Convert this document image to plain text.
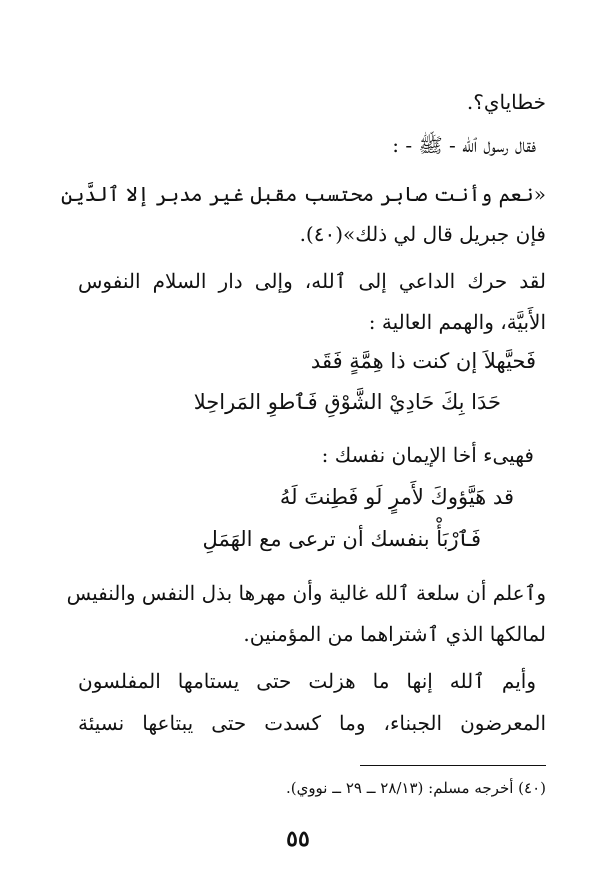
خطاياي؟.
فقال رسول ٱلله - ﷺ - :
«نعم وأنت صابر محتسب مقبل غير مدبر إلا ٱلدَّين
فإن جبريل قال لي ذلك»(٤٠).
لقد حرك الداعي إلى ٱلله، وإلى دار السلام النفوس
الأَبيَّة، والهمم العالية :
فَحيَّهلاَ إن كنت ذا هِمَّةٍ فَقَد
حَدَا بِكَ حَادِيْ الشَّوْقِ فَٱطوِ المَراحِلا
فهيىء أخا الإيمان نفسك :
قد هَيَّؤوكَ لأَمرٍ لَو فَطِنتَ لَهُ
فَٱرْبَأْ بنفسك أن ترعى مع الهَمَلِ
وٱعلم أن سلعة ٱلله غالية وأن مهرها بذل النفس والنفيس
لمالكها الذي ٱشتراهما من المؤمنين.
وأيم ٱلله إنها ما هزلت حتى يستامها المفلسون
المعرضون الجبناء، وما كسدت حتى يبتاعها نسيئة
(٤٠) أخرجه مسلم: (٢٨/١٣ ــ ٢٩ ــ نووي).
٥٥
